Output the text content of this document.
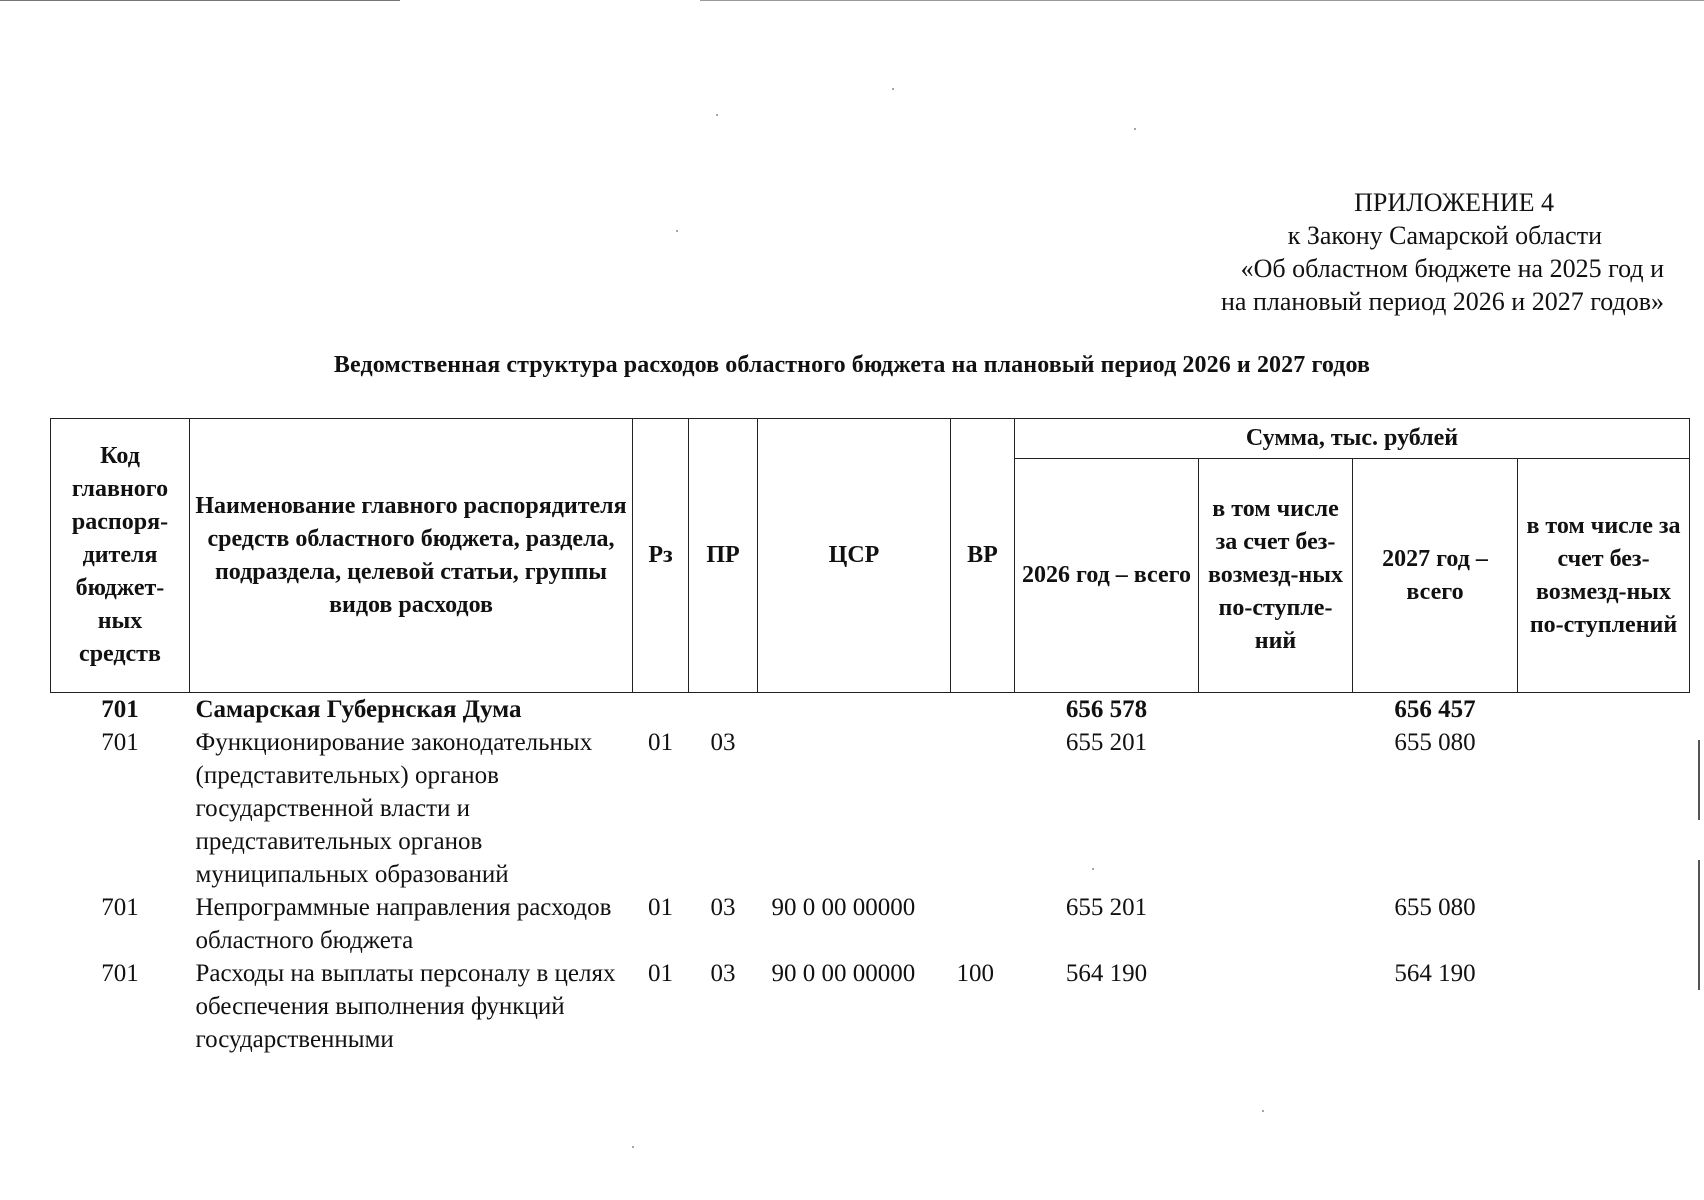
ПРИЛОЖЕНИЕ 4
к Закону Самарской области
«Об областном бюджете на 2025 год и
на плановый период 2026 и 2027 годов»
Ведомственная структура расходов областного бюджета на плановый период 2026 и 2027 годов
Код главного распоря-дителя бюджет-ных средств	Наименование главного распорядителя средств областного бюджета, раздела, подраздела, целевой статьи, группы видов расходов	Рз	ПР	ЦСР	ВР	Сумма, тыс. рублей			
						2026 год – всего	в том числе за счет без-возмезд-ных по-ступле-ний	2027 год – всего	в том числе за счет без-возмезд-ных по-ступлений
701	Самарская Губернская Дума					656 578		656 457	
701	Функционирование законодательных (представительных) органов государственной власти и представительных органов муниципальных образований	01	03			655 201		655 080	
701	Непрограммные направления расходов областного бюджета	01	03	90 0 00 00000		655 201		655 080	
701	Расходы на выплаты персоналу в целях обеспечения выполнения функций государственными	01	03	90 0 00 00000	100	564 190		564 190	
